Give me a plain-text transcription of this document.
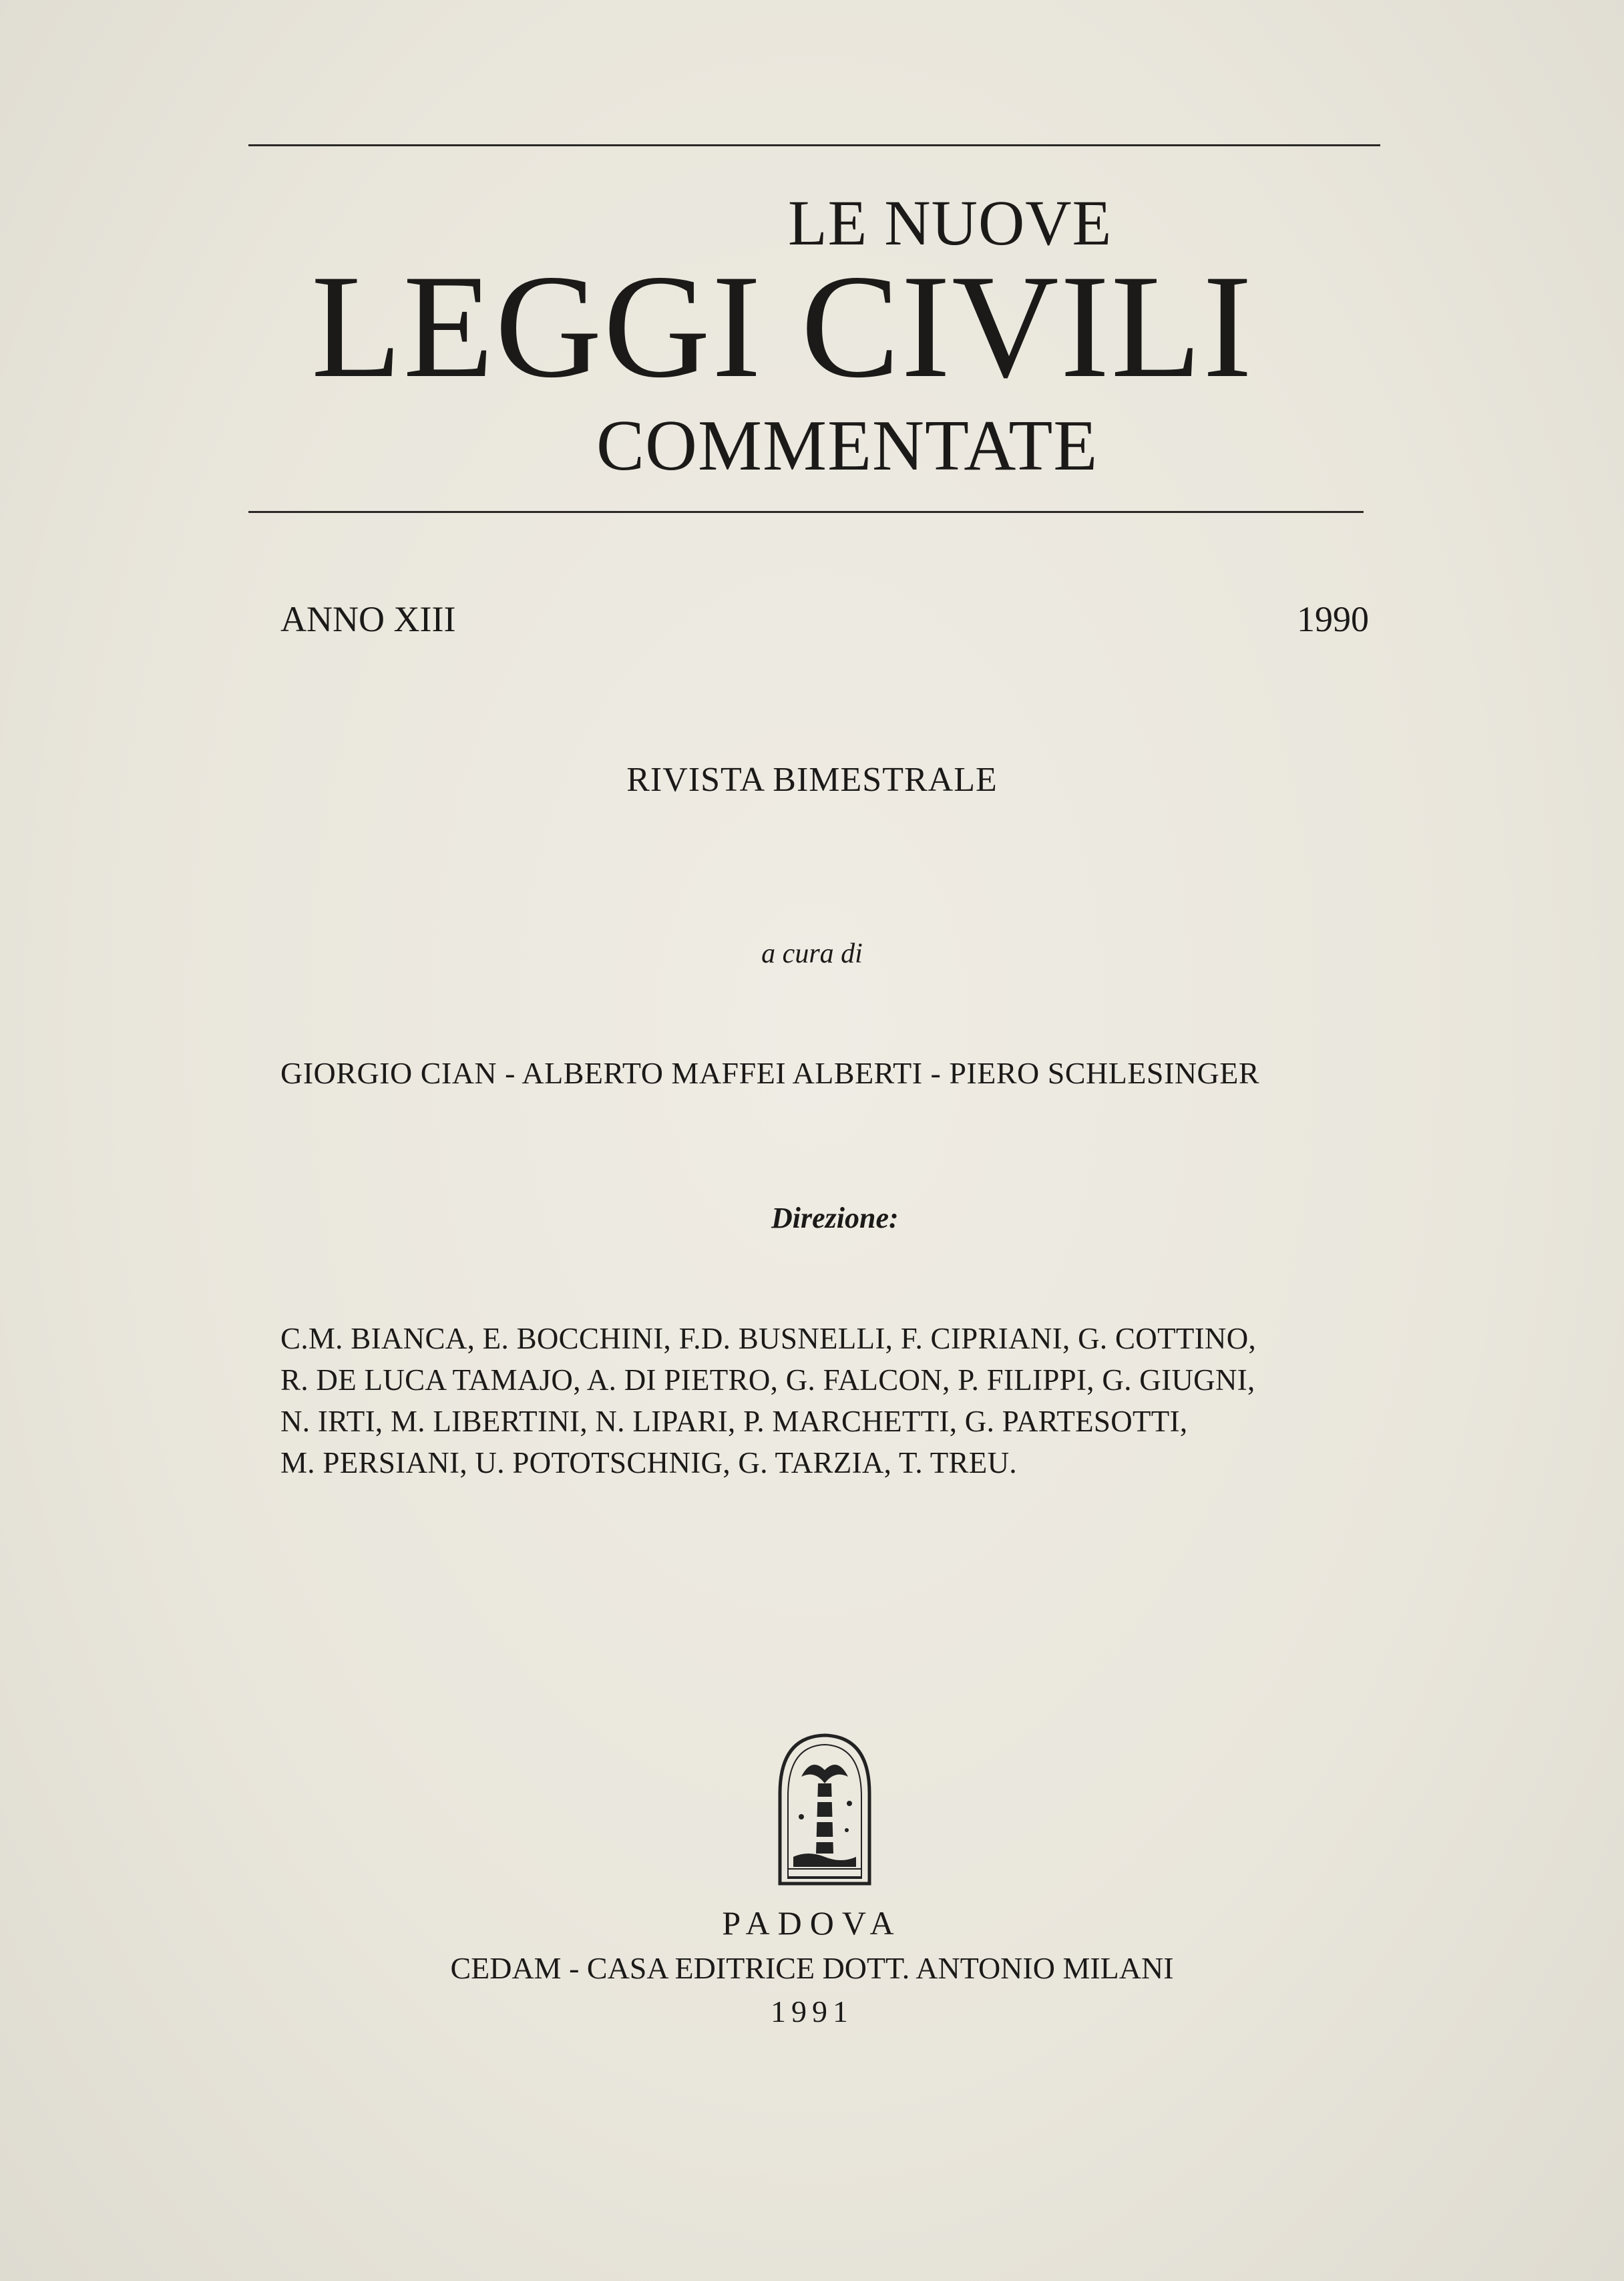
LE NUOVE
LEGGI CIVILI
COMMENTATE
ANNO XIII	1990
RIVISTA BIMESTRALE
a cura di
GIORGIO CIAN - ALBERTO MAFFEI ALBERTI - PIERO SCHLESINGER
Direzione:
C.M. BIANCA, E. BOCCHINI, F.D. BUSNELLI, F. CIPRIANI, G. COTTINO,
R. DE LUCA TAMAJO, A. DI PIETRO, G. FALCON, P. FILIPPI, G. GIUGNI,
N. IRTI, M. LIBERTINI, N. LIPARI, P. MARCHETTI, G. PARTESOTTI,
M. PERSIANI, U. POTOTSCHNIG, G. TARZIA, T. TREU.
PADOVA
CEDAM - CASA EDITRICE DOTT. ANTONIO MILANI
1991
